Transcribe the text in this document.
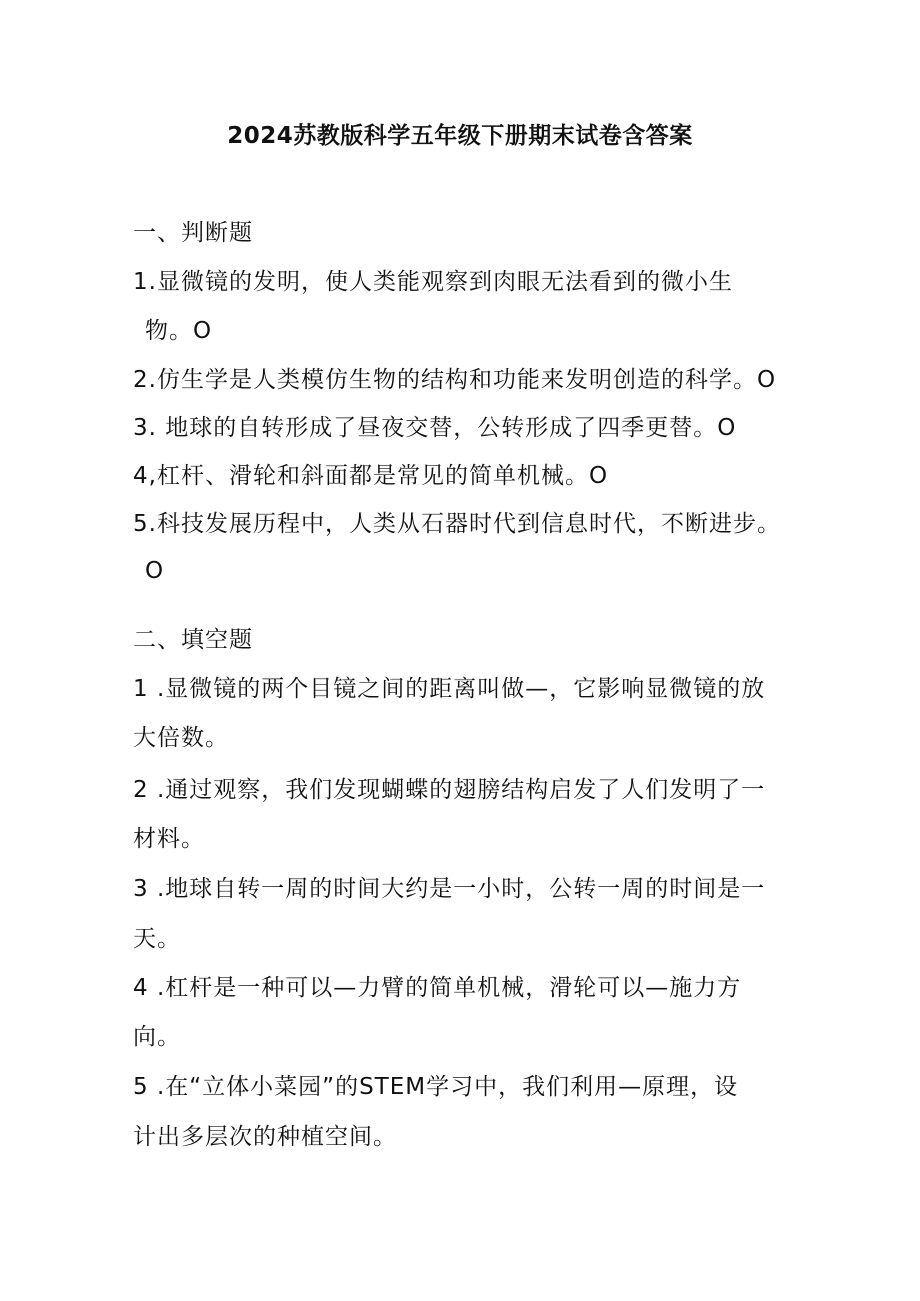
2024苏教版科学五年级下册期末试卷含答案
一、判断题
1.显微镜的发明，使人类能观察到肉眼无法看到的微小生
物。O
2.仿生学是人类模仿生物的结构和功能来发明创造的科学。O
3. 地球的自转形成了昼夜交替，公转形成了四季更替。O
4,杠杆、滑轮和斜面都是常见的简单机械。O
5.科技发展历程中，人类从石器时代到信息时代，不断进步。
O
二、填空题
1 .显微镜的两个目镜之间的距离叫做—，它影响显微镜的放
大倍数。
2 .通过观察，我们发现蝴蝶的翅膀结构启发了人们发明了一
材料。
3 .地球自转一周的时间大约是一小时，公转一周的时间是一
天。
4 .杠杆是一种可以—力臂的简单机械，滑轮可以—施力方
向。
5 .在“立体小菜园”的STEM学习中，我们利用—原理，设
计出多层次的种植空间。
